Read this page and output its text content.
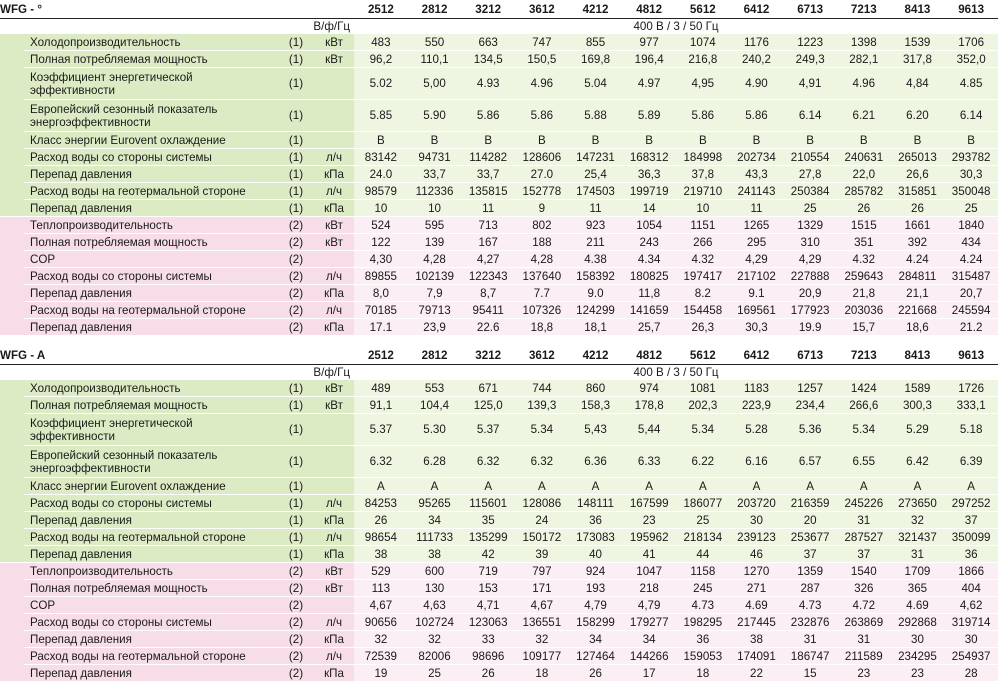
WFG - °				2512	2812	3212	3612	4212	4812	5612	6412	6713	7213	8413	9613
В/ф/Гц				400 В / 3 / 50 Гц											
	Холодопроизводительность	(1)	кВт	483	550	663	747	855	977	1074	1176	1223	1398	1539	1706
	Полная потребляемая мощность	(1)	кВт	96,2	110,1	134,5	150,5	169,8	196,4	216,8	240,2	249,3	282,1	317,8	352,0
	Коэффициент энергетической эффективности	(1)		5.02	5,00	4.93	4.96	5.04	4.97	4,95	4.90	4,91	4.96	4,84	4.85
	Европейский сезонный показатель энергоэффективности	(1)		5.85	5.90	5.86	5.86	5.88	5.89	5.86	5.86	6.14	6.21	6.20	6.14
	Класс энергии Eurovent охлаждение	(1)		B	B	B	B	B	B	B	B	B	B	B	B
	Расход воды со стороны системы	(1)	л/ч	83142	94731	114282	128606	147231	168312	184998	202734	210554	240631	265013	293782
	Перепад давления	(1)	кПа	24.0	33,7	33,7	27.0	25,4	36,3	37,8	43,3	27,8	22,0	26,6	30,3
	Расход воды на геотермальной стороне	(1)	л/ч	98579	112336	135815	152778	174503	199719	219710	241143	250384	285782	315851	350048
	Перепад давления	(1)	кПа	10	10	11	9	11	14	10	11	25	26	26	25
	Теплопроизводительность	(2)	кВт	524	595	713	802	923	1054	1151	1265	1329	1515	1661	1840
	Полная потребляемая мощность	(2)	кВт	122	139	167	188	211	243	266	295	310	351	392	434
	COP	(2)		4,30	4,28	4,27	4,28	4.38	4.34	4.32	4,29	4,29	4.32	4.24	4.24
	Расход воды со стороны системы	(2)	л/ч	89855	102139	122343	137640	158392	180825	197417	217102	227888	259643	284811	315487
	Перепад давления	(2)	кПа	8,0	7,9	8,7	7.7	9.0	11,8	8.2	9.1	20,9	21,8	21,1	20,7
	Расход воды на геотермальной стороне	(2)	л/ч	70185	79713	95411	107326	124299	141659	154458	169561	177923	203036	221668	245594
	Перепад давления	(2)	кПа	17.1	23,9	22.6	18,8	18,1	25,7	26,3	30,3	19.9	15,7	18,6	21.2

WFG - A				2512	2812	3212	3612	4212	4812	5612	6412	6713	7213	8413	9613
В/ф/Гц				400 В / 3 / 50 Гц											
	Холодопроизводительность	(1)	кВт	489	553	671	744	860	974	1081	1183	1257	1424	1589	1726
	Полная потребляемая мощность	(1)	кВт	91,1	104,4	125,0	139,3	158,3	178,8	202,3	223,9	234,4	266,6	300,3	333,1
	Коэффициент энергетической эффективности	(1)		5.37	5.30	5.37	5.34	5,43	5,44	5.34	5.28	5.36	5.34	5.29	5.18
	Европейский сезонный показатель энергоэффективности	(1)		6.32	6.28	6.32	6.32	6.36	6.33	6.22	6.16	6.57	6.55	6.42	6.39
	Класс энергии Eurovent охлаждение	(1)		A	A	A	A	A	A	A	A	A	A	A	A
	Расход воды со стороны системы	(1)	л/ч	84253	95265	115601	128086	148111	167599	186077	203720	216359	245226	273650	297252
	Перепад давления	(1)	кПа	26	34	35	24	36	23	25	30	20	31	32	37
	Расход воды на геотермальной стороне	(1)	л/ч	98654	111733	135299	150172	173083	195962	218134	239123	253677	287527	321437	350099
	Перепад давления	(1)	кПа	38	38	42	39	40	41	44	46	37	37	31	36
	Теплопроизводительность	(2)	кВт	529	600	719	797	924	1047	1158	1270	1359	1540	1709	1866
	Полная потребляемая мощность	(2)	кВт	113	130	153	171	193	218	245	271	287	326	365	404
	COP	(2)		4,67	4,63	4,71	4,67	4,79	4,79	4.73	4.69	4.73	4.72	4.69	4,62
	Расход воды со стороны системы	(2)	л/ч	90656	102724	123063	136551	158299	179277	198295	217445	232876	263869	292868	319714
	Перепад давления	(2)	кПа	32	32	33	32	34	34	36	38	31	31	30	30
	Расход воды на геотермальной стороне	(2)	л/ч	72539	82006	98696	109177	127464	144266	159053	174091	186747	211589	234295	254937
	Перепад давления	(2)	кПа	19	25	26	18	26	17	18	22	15	23	23	28
